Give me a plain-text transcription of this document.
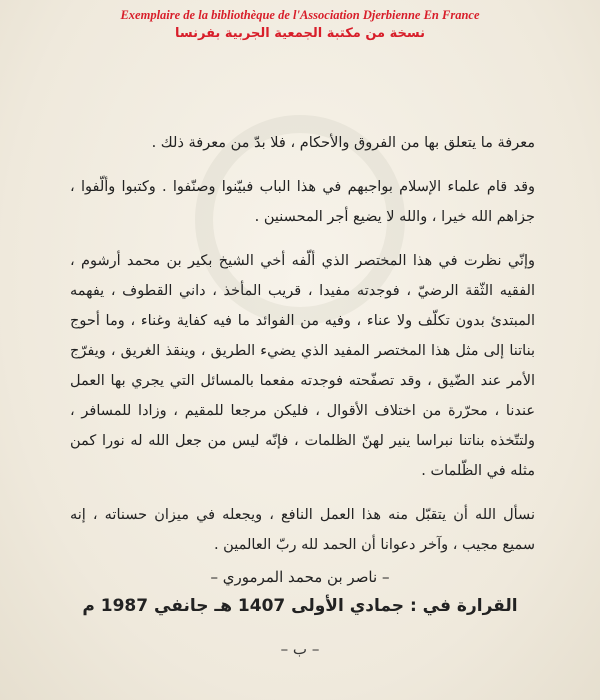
Exemplaire de la bibliothèque de l'Association Djerbienne En France
نسخة من مكتبة الجمعية الجربية بفرنسا

معرفة ما يتعلق بها من الفروق والأحكام ، فلا بدّ من معرفة ذلك .

وقد قام علماء الإسلام بواجبهم في هذا الباب فبيّنوا وصنّفوا . وكتبوا وألّفوا ، جزاهم الله خيرا ، والله لا يضيع أجر المحسنين .

وإنّي نظرت في هذا المختصر الذي ألّفه أخي الشيخ بكير بن محمد أرشوم ، الفقيه الثّقة الرضيّ ، فوجدته مفيدا ، قريب المأخذ ، داني القطوف ، يفهمه المبتدئ بدون تكلّف ولا عناء ، وفيه من الفوائد ما فيه كفاية وغناء ، وما أحوج بناتنا إلى مثل هذا المختصر المفيد الذي يضيء الطريق ، وينقذ الغريق ، ويفرّج الأمر عند الضّيق ، وقد تصفّحته فوجدته مفعما بالمسائل التي يجري بها العمل عندنا ، محرّرة من اختلاف الأقوال ، فليكن مرجعا للمقيم ، وزادا للمسافر ، ولتتّخذه بناتنا نبراسا ينير لهنّ الظلمات ، فإنّه ليس من جعل الله له نورا كمن مثله في الظّلمات .

نسأل الله أن يتقبّل منه هذا العمل النافع ، ويجعله في ميزان حسناته ، إنه سميع مجيب ، وآخر دعوانا أن الحمد لله ربّ العالمين .

– ناصر بن محمد المرموري –
القرارة في : جمادي الأولى 1407 هـ جانفي 1987 م
– ب –
